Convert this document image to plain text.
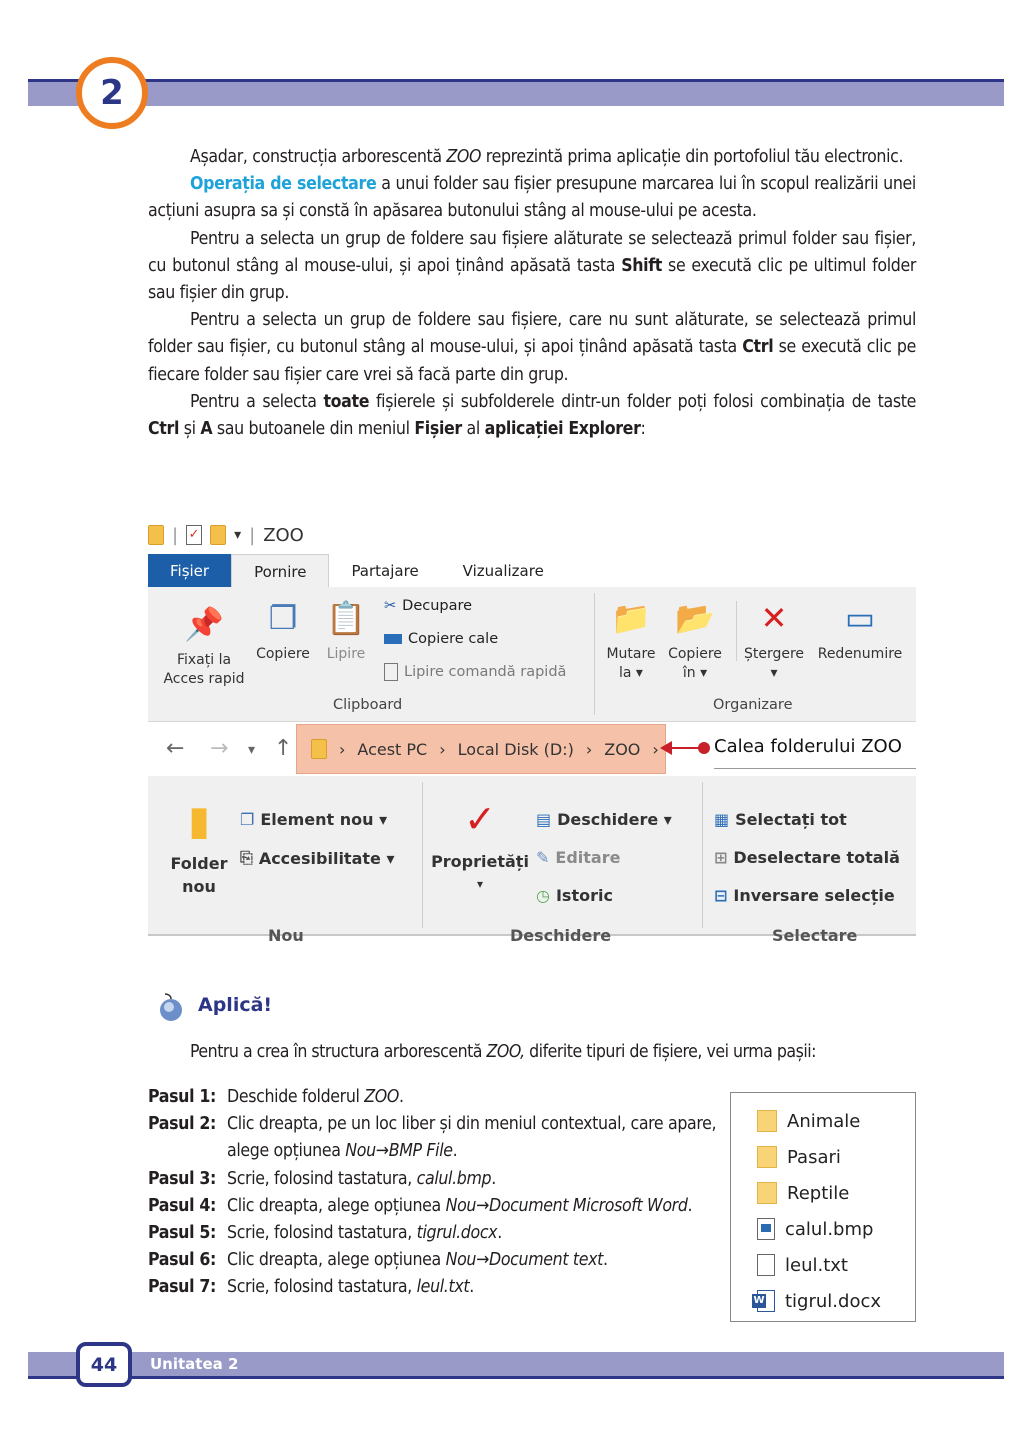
2

Așadar, construcția arborescentă ZOO reprezintă prima aplicație din portofoliul tău electronic.

Operația de selectare a unui folder sau fișier presupune marcarea lui în scopul realizării unei acțiuni asupra sa și constă în apăsarea butonului stâng al mouse-ului pe acesta.

Pentru a selecta un grup de foldere sau fișiere alăturate se selectează primul folder sau fișier, cu butonul stâng al mouse-ului, și apoi ținând apăsată tasta Shift se execută clic pe ultimul folder sau fișier din grup.

Pentru a selecta un grup de foldere sau fișiere, care nu sunt alăturate, se selectează primul folder sau fișier, cu butonul stâng al mouse-ului, și apoi ținând apăsată tasta Ctrl se execută clic pe fiecare folder sau fișier care vrei să facă parte din grup.

Pentru a selecta toate fișierele și subfolderele dintr-un folder poți folosi combinația de taste Ctrl și A sau butoanele din meniul Fișier al aplicației Explorer:

| ✓ ▾ | ZOO
Fișier	Pornire	Partajare	Vizualizare
📌
Fixați la
Acces rapid
❐
Copiere
📋
Lipire
✂ Decupare
Copiere cale
Lipire comandă rapidă
Clipboard
📁
Mutare
la ▾
📂
Copiere
în ▾
✕
Ștergere
▾
▭
Redenumire
Organizare
← → ▾ ↑	› Acest PC › Local Disk (D:) › ZOO ›	Calea folderului ZOO
▮
Folder
nou
❐ Element nou ▾
⎘ Accesibilitate ▾
Nou
✓
Proprietăți
▾
▤ Deschidere ▾
✎ Editare
◷ Istoric
Deschidere
▦ Selectați tot
⊞ Deselectare totală
⊟ Inversare selecție
Selectare
Aplică!
Pentru a crea în structura arborescentă ZOO, diferite tipuri de fișiere, vei urma pașii:
Pasul 1: Deschide folderul ZOO.
Pasul 2: Clic dreapta, pe un loc liber și din meniul contextual, care apare, alege opțiunea Nou→BMP File.
Pasul 3: Scrie, folosind tastatura, calul.bmp.
Pasul 4: Clic dreapta, alege opțiunea Nou→Document Microsoft Word.
Pasul 5: Scrie, folosind tastatura, tigrul.docx.
Pasul 6: Clic dreapta, alege opțiunea Nou→Document text.
Pasul 7: Scrie, folosind tastatura, leul.txt.
Animale
Pasari
Reptile
calul.bmp
leul.txt
W
tigrul.docx
44	Unitatea 2
